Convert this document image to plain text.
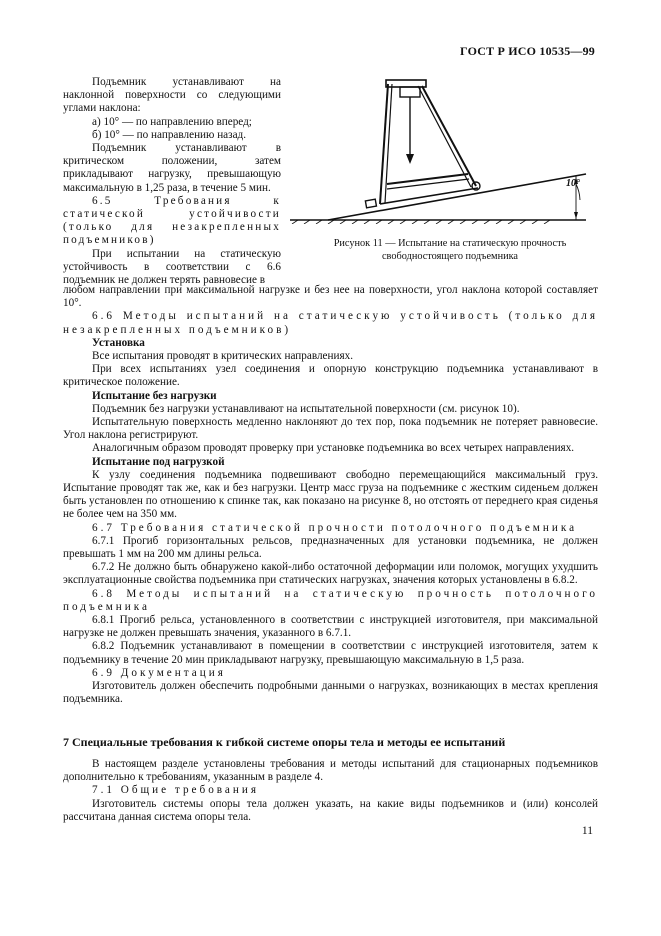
ГОСТ Р ИСО 10535—99

Подъемник устанавливают на наклонной поверхности со следующими углами наклона:

а) 10° — по направлению вперед;

б) 10° — по направлению назад.

Подъемник устанавливают в критическом положении, затем прикладывают нагрузку, превышающую максимальную в 1,25 раза, в течение 5 мин.

6.5 Требования к статической устойчивости (только для незакрепленных подъемников)

При испытании на статическую устойчивость в соответствии с 6.6 подъемник не должен терять равновесие в

10°
Рисунок 11 — Испытание на статическую прочность
свободностоящего подъемника

любом направлении при максимальной нагрузке и без нее на поверхности, угол наклона которой составляет 10°.

6.6 Методы испытаний на статическую устойчивость (только для незакрепленных подъемников)

Установка

Все испытания проводят в критических направлениях.

При всех испытаниях узел соединения и опорную конструкцию подъемника устанавливают в критическое положение.

Испытание без нагрузки

Подъемник без нагрузки устанавливают на испытательной поверхности (см. рисунок 10).

Испытательную поверхность медленно наклоняют до тех пор, пока подъемник не потеряет равновесие. Угол наклона регистрируют.

Аналогичным образом проводят проверку при установке подъемника во всех четырех направлениях.

Испытание под нагрузкой

К узлу соединения подъемника подвешивают свободно перемещающийся максимальный груз. Испытание проводят так же, как и без нагрузки. Центр масс груза на подъемнике с жестким сиденьем должен быть установлен по отношению к спинке так, как показано на рисунке 8, но отстоять от переднего края сиденья не более чем на 350 мм.

6.7 Требования статической прочности потолочного подъемника

6.7.1 Прогиб горизонтальных рельсов, предназначенных для установки подъемника, не должен превышать 1 мм на 200 мм длины рельса.

6.7.2 Не должно быть обнаружено какой-либо остаточной деформации или поломок, могущих ухудшить эксплуатационные свойства подъемника при статических нагрузках, значения которых установлены в 6.8.2.

6.8 Методы испытаний на статическую прочность потолочного подъемника

6.8.1 Прогиб рельса, установленного в соответствии с инструкцией изготовителя, при максимальной нагрузке не должен превышать значения, указанного в 6.7.1.

6.8.2 Подъемник устанавливают в помещении в соответствии с инструкцией изготовителя, затем к подъемнику в течение 20 мин прикладывают нагрузку, превышающую максимальную в 1,5 раза.

6.9 Документация

Изготовитель должен обеспечить подробными данными о нагрузках, возникающих в местах крепления подъемника.

7 Специальные требования к гибкой системе опоры тела и методы ее испытаний

В настоящем разделе установлены требования и методы испытаний для стационарных подъемников дополнительно к требованиям, указанным в разделе 4.

7.1 Общие требования

Изготовитель системы опоры тела должен указать, на какие виды подъемников и (или) консолей рассчитана данная система опоры тела.

11
